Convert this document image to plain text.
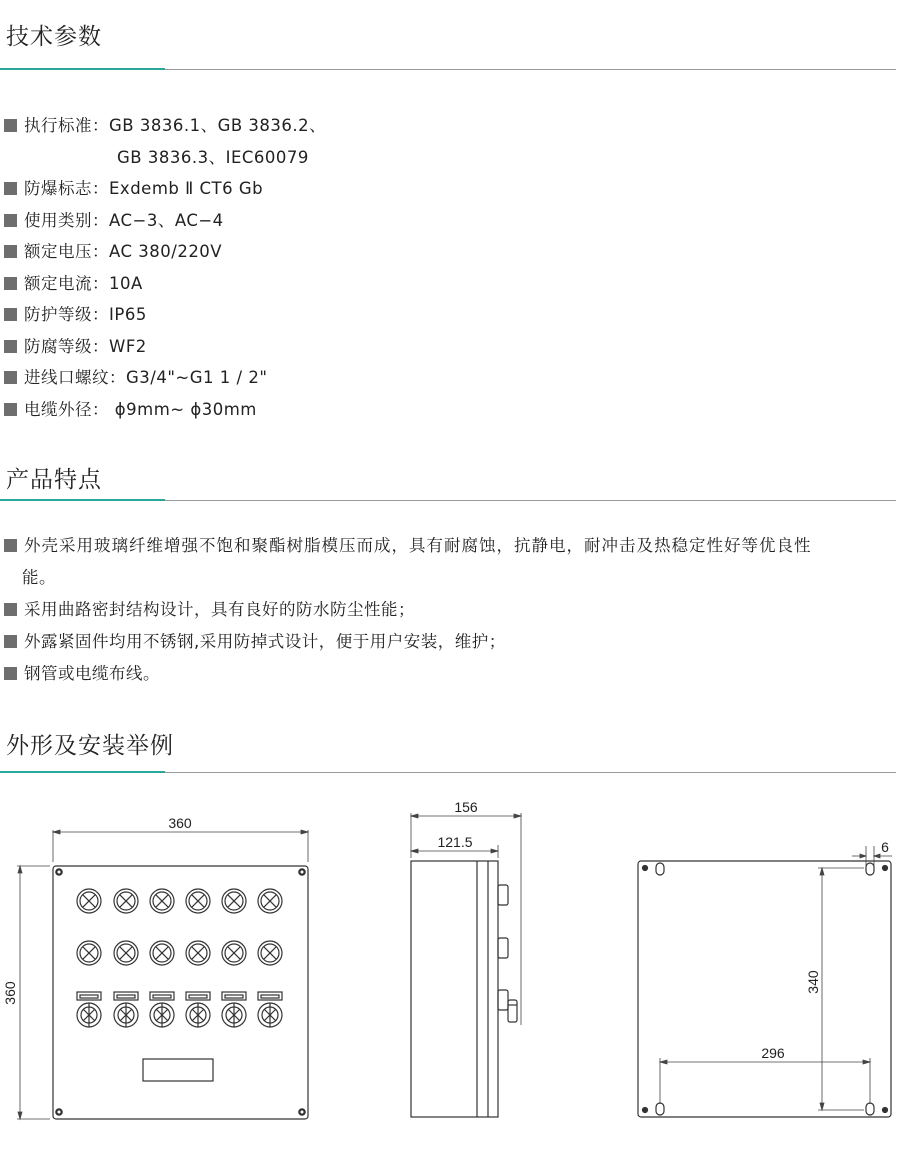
技术参数
执行标准：GB 3836.1、GB 3836.2、
GB 3836.3、IEC60079
防爆标志：Exdemb Ⅱ CT6 Gb
使用类别：AC−3、AC−4
额定电压：AC 380/220V
额定电流：10A
防护等级：IP65
防腐等级：WF2
进线口螺纹：G3/4"~G1 1 / 2"
电缆外径： ϕ9mm~ ϕ30mm
产品特点
外壳采用玻璃纤维增强不饱和聚酯树脂模压而成，具有耐腐蚀，抗静电，耐冲击及热稳定性好等优良性
能。
采用曲路密封结构设计，具有良好的防水防尘性能；
外露紧固件均用不锈钢,采用防掉式设计，便于用户安装，维护；
钢管或电缆布线。
外形及安装举例
360
360
156
121.5	6
340
296
